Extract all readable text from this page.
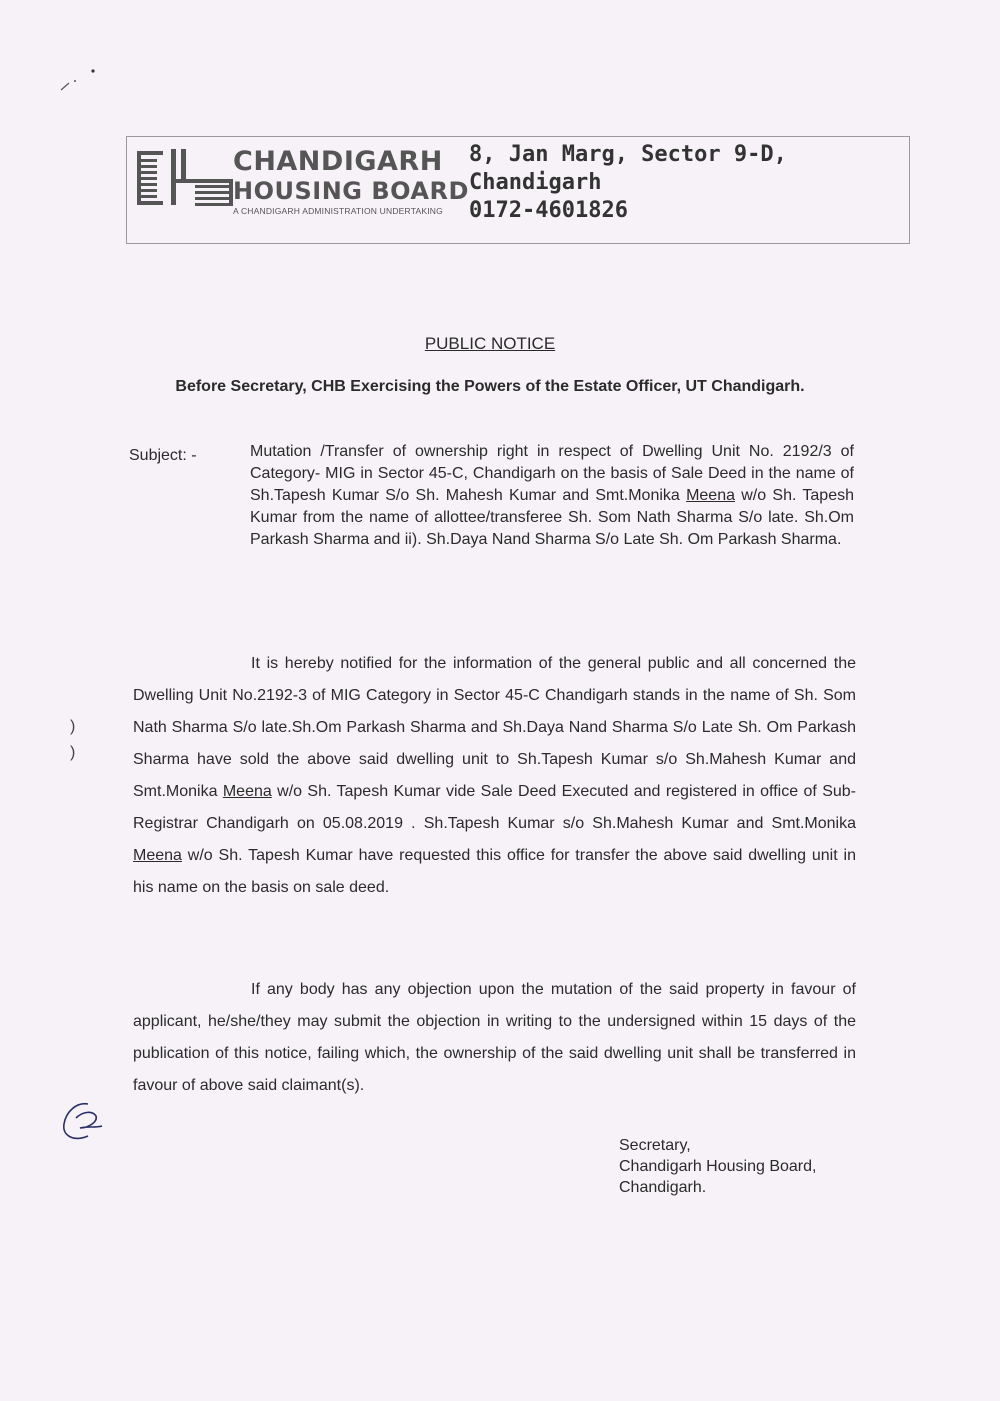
CHANDIGARH
HOUSING BOARD
A CHANDIGARH ADMINISTRATION UNDERTAKING
8, Jan Marg, Sector 9-D,
Chandigarh
0172-4601826
PUBLIC NOTICE
Before Secretary, CHB Exercising the Powers of the Estate Officer, UT Chandigarh.
Subject: -	Mutation /Transfer of ownership right in respect of Dwelling Unit No. 2192/3 of Category- MIG in Sector 45-C, Chandigarh on the basis of Sale Deed in the name of Sh.Tapesh Kumar S/o Sh. Mahesh Kumar and Smt.Monika Meena w/o Sh. Tapesh Kumar from the name of allottee/transferee Sh. Som Nath Sharma S/o late. Sh.Om Parkash Sharma and ii). Sh.Daya Nand Sharma S/o Late Sh. Om Parkash Sharma.
It is hereby notified for the information of the general public and all concerned the Dwelling Unit No.2192-3 of MIG Category in Sector 45-C Chandigarh stands in the name of Sh. Som Nath Sharma S/o late.Sh.Om Parkash Sharma and Sh.Daya Nand Sharma S/o Late Sh. Om Parkash Sharma have sold the above said dwelling unit to Sh.Tapesh Kumar s/o Sh.Mahesh Kumar and Smt.Monika Meena w/o Sh. Tapesh Kumar vide Sale Deed Executed and registered in office of Sub-Registrar Chandigarh on 05.08.2019 . Sh.Tapesh Kumar s/o Sh.Mahesh Kumar and Smt.Monika Meena w/o Sh. Tapesh Kumar have requested this office for transfer the above said dwelling unit in his name on the basis on sale deed.
If any body has any objection upon the mutation of the said property in favour of applicant, he/she/they may submit the objection in writing to the undersigned within 15 days of the publication of this notice, failing which, the ownership of the said dwelling unit shall be transferred in favour of above said claimant(s).
Secretary,
Chandigarh Housing Board,
Chandigarh.
)
)
